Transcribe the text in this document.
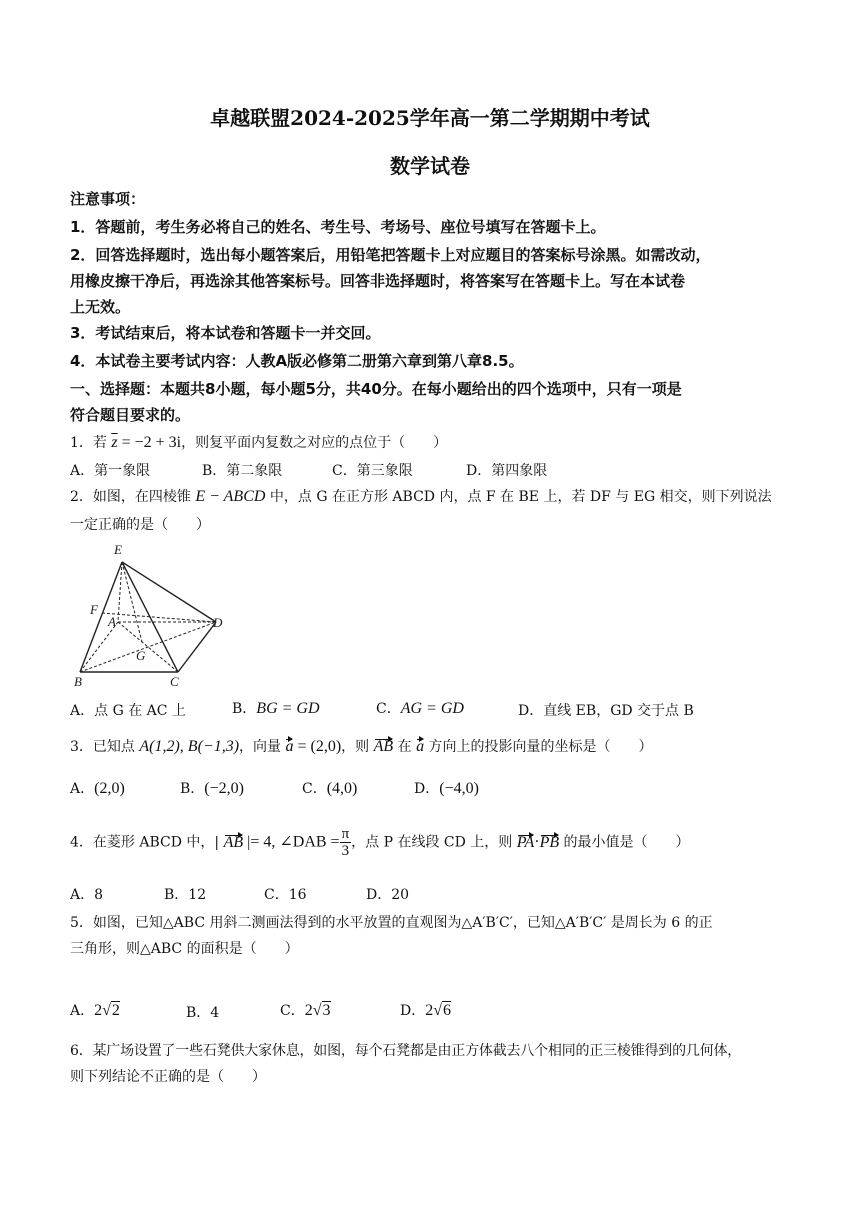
卓越联盟2024-2025学年高一第二学期期中考试
数学试卷
注意事项：
1．答题前，考生务必将自己的姓名、考生号、考场号、座位号填写在答题卡上。
2．回答选择题时，选出每小题答案后，用铅笔把答题卡上对应题目的答案标号涂黑。如需改动，
用橡皮擦干净后，再选涂其他答案标号。回答非选择题时，将答案写在答题卡上。写在本试卷
上无效。
3．考试结束后，将本试卷和答题卡一并交回。
4．本试卷主要考试内容：人教A版必修第二册第六章到第八章8.5。
一、选择题：本题共8小题，每小题5分，共40分。在每小题给出的四个选项中，只有一项是
符合题目要求的。
1．若 $\overline{z} = -2 + 3i$，则复平面内复数之对应的点位于（　　）
A．第一象限	B．第二象限	C．第三象限	D．第四象限
2．如图，在四棱锥 E − ABCD 中，点 G 在正方形 ABCD 内，点 F 在 BE 上，若 DF 与 EG 相交，则下列说法
一定正确的是（　　）
E
F
A	D
G
B	C
A．点 G 在 AC 上	B．BG = GD	C．AG = GD	D．直线 EB，GD 交于点 B
3．已知点 A(1,2), B(−1,3)，向量 a = (2,0)，则 AB 在 a 方向上的投影向量的坐标是（　　）
A．(2,0)	B．(−2,0)	C．(4,0)	D．(−4,0)
4．在菱形 ABCD 中，| AB |= 4, ∠DAB = $\frac{\pi}{3}$ ，点 P 在线段 CD 上，则 PA·PB 的最小值是（　　）
A．8	B．12	C．16	D．20
5．如图，已知△ABC 用斜二测画法得到的水平放置的直观图为△A′B′C′，已知△A′B′C′ 是周长为 6 的正
三角形，则△ABC 的面积是（　　）
A．2√2	B．4	C．2√3	D．2√6
6．某广场设置了一些石凳供大家休息，如图，每个石凳都是由正方体截去八个相同的正三棱锥得到的几何体，
则下列结论不正确的是（　　）
